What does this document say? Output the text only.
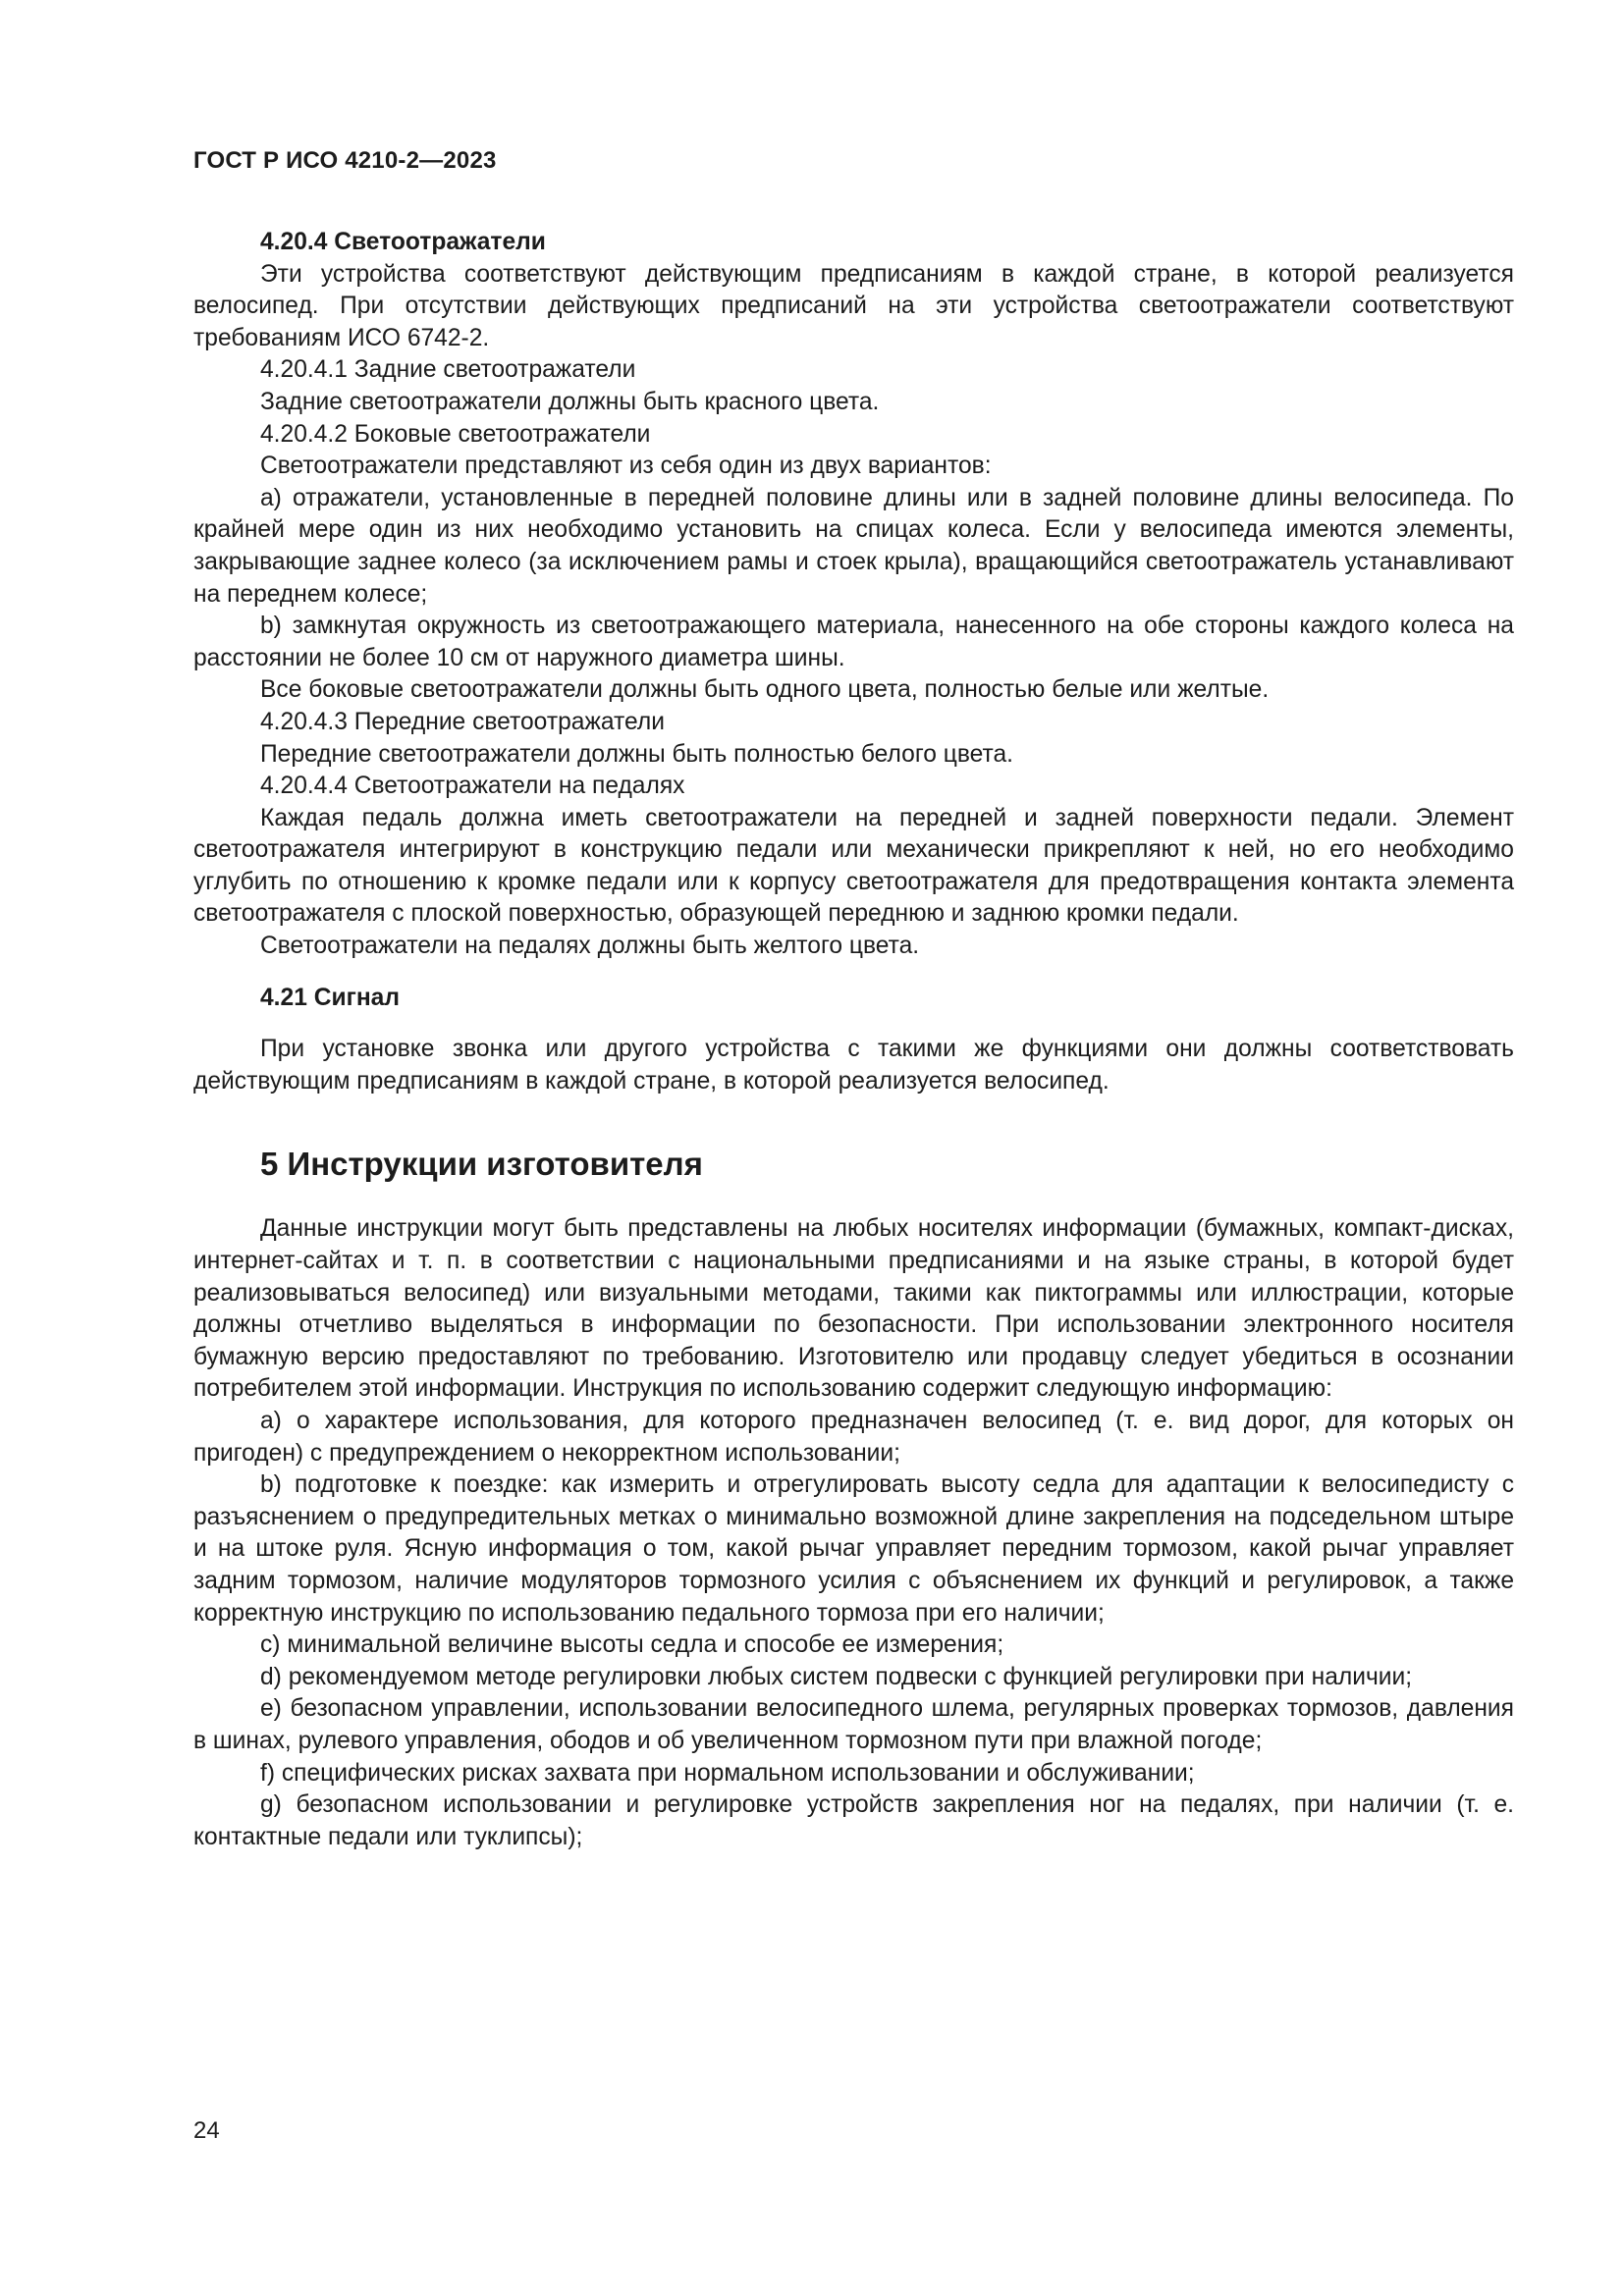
ГОСТ Р ИСО 4210-2—2023
4.20.4 Светоотражатели

Эти устройства соответствуют действующим предписаниям в каждой стране, в которой реализуется велосипед. При отсутствии действующих предписаний на эти устройства светоотражатели соответствуют требованиям ИСО 6742-2.

4.20.4.1 Задние светоотражатели

Задние светоотражатели должны быть красного цвета.

4.20.4.2 Боковые светоотражатели

Светоотражатели представляют из себя один из двух вариантов:

a) отражатели, установленные в передней половине длины или в задней половине длины велосипеда. По крайней мере один из них необходимо установить на спицах колеса. Если у велосипеда имеются элементы, закрывающие заднее колесо (за исключением рамы и стоек крыла), вращающийся светоотражатель устанавливают на переднем колесе;

b) замкнутая окружность из светоотражающего материала, нанесенного на обе стороны каждого колеса на расстоянии не более 10 см от наружного диаметра шины.

Все боковые светоотражатели должны быть одного цвета, полностью белые или желтые.

4.20.4.3 Передние светоотражатели

Передние светоотражатели должны быть полностью белого цвета.

4.20.4.4 Светоотражатели на педалях

Каждая педаль должна иметь светоотражатели на передней и задней поверхности педали. Элемент светоотражателя интегрируют в конструкцию педали или механически прикрепляют к ней, но его необходимо углубить по отношению к кромке педали или к корпусу светоотражателя для предотвращения контакта элемента светоотражателя с плоской поверхностью, образующей переднюю и заднюю кромки педали.

Светоотражатели на педалях должны быть желтого цвета.

4.21 Сигнал

При установке звонка или другого устройства с такими же функциями они должны соответствовать действующим предписаниям в каждой стране, в которой реализуется велосипед.

5 Инструкции изготовителя

Данные инструкции могут быть представлены на любых носителях информации (бумажных, компакт-дисках, интернет-сайтах и т. п. в соответствии с национальными предписаниями и на языке страны, в которой будет реализовываться велосипед) или визуальными методами, такими как пиктограммы или иллюстрации, которые должны отчетливо выделяться в информации по безопасности. При использовании электронного носителя бумажную версию предоставляют по требованию. Изготовителю или продавцу следует убедиться в осознании потребителем этой информации. Инструкция по использованию содержит следующую информацию:

a) о характере использования, для которого предназначен велосипед (т. е. вид дорог, для которых он пригоден) с предупреждением о некорректном использовании;

b) подготовке к поездке: как измерить и отрегулировать высоту седла для адаптации к велосипедисту с разъяснением о предупредительных метках о минимально возможной длине закрепления на подседельном штыре и на штоке руля. Ясную информация о том, какой рычаг управляет передним тормозом, какой рычаг управляет задним тормозом, наличие модуляторов тормозного усилия с объяснением их функций и регулировок, а также корректную инструкцию по использованию педального тормоза при его наличии;

c) минимальной величине высоты седла и способе ее измерения;

d) рекомендуемом методе регулировки любых систем подвески с функцией регулировки при наличии;

e) безопасном управлении, использовании велосипедного шлема, регулярных проверках тормозов, давления в шинах, рулевого управления, ободов и об увеличенном тормозном пути при влажной погоде;

f) специфических рисках захвата при нормальном использовании и обслуживании;

g) безопасном использовании и регулировке устройств закрепления ног на педалях, при наличии (т. е. контактные педали или туклипсы);

24
